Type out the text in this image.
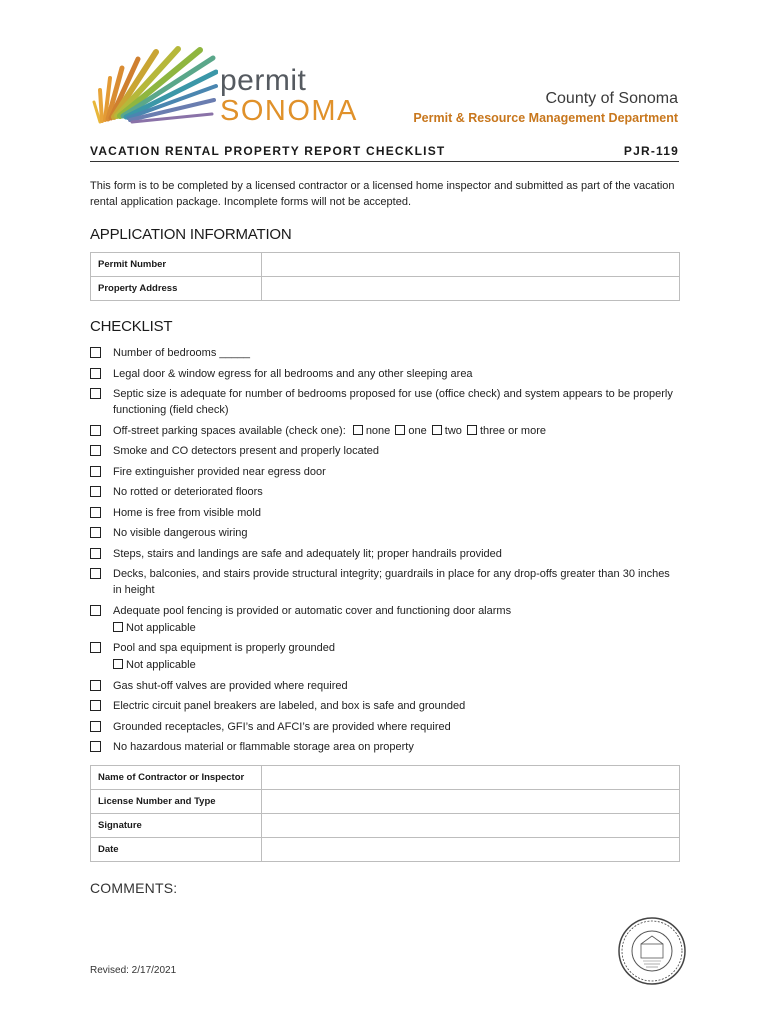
permit
SONOMA	County of Sonoma
Permit & Resource Management Department
VACATION RENTAL PROPERTY REPORT CHECKLIST	PJR-119
This form is to be completed by a licensed contractor or a licensed home inspector and submitted as part of the vacation rental application package. Incomplete forms will not be accepted.
APPLICATION INFORMATION
Permit Number	
Property Address	
CHECKLIST
Number of bedrooms _____
Legal door & window egress for all bedrooms and any other sleeping area
Septic size is adequate for number of bedrooms proposed for use (office check) and system appears to be properly functioning (field check)
Off-street parking spaces available (check one): none one two three or more
Smoke and CO detectors present and properly located
Fire extinguisher provided near egress door
No rotted or deteriorated floors
Home is free from visible mold
No visible dangerous wiring
Steps, stairs and landings are safe and adequately lit; proper handrails provided
Decks, balconies, and stairs provide structural integrity; guardrails in place for any drop-offs greater than 30 inches in height
Adequate pool fencing is provided or automatic cover and functioning door alarms
Not applicable
Pool and spa equipment is properly grounded
Not applicable
Gas shut-off valves are provided where required
Electric circuit panel breakers are labeled, and box is safe and grounded
Grounded receptacles, GFI’s and AFCI’s are provided where required
No hazardous material or flammable storage area on property
Name of Contractor or Inspector	
License Number and Type	
Signature	
Date	
COMMENTS:
Revised: 2/17/2021
